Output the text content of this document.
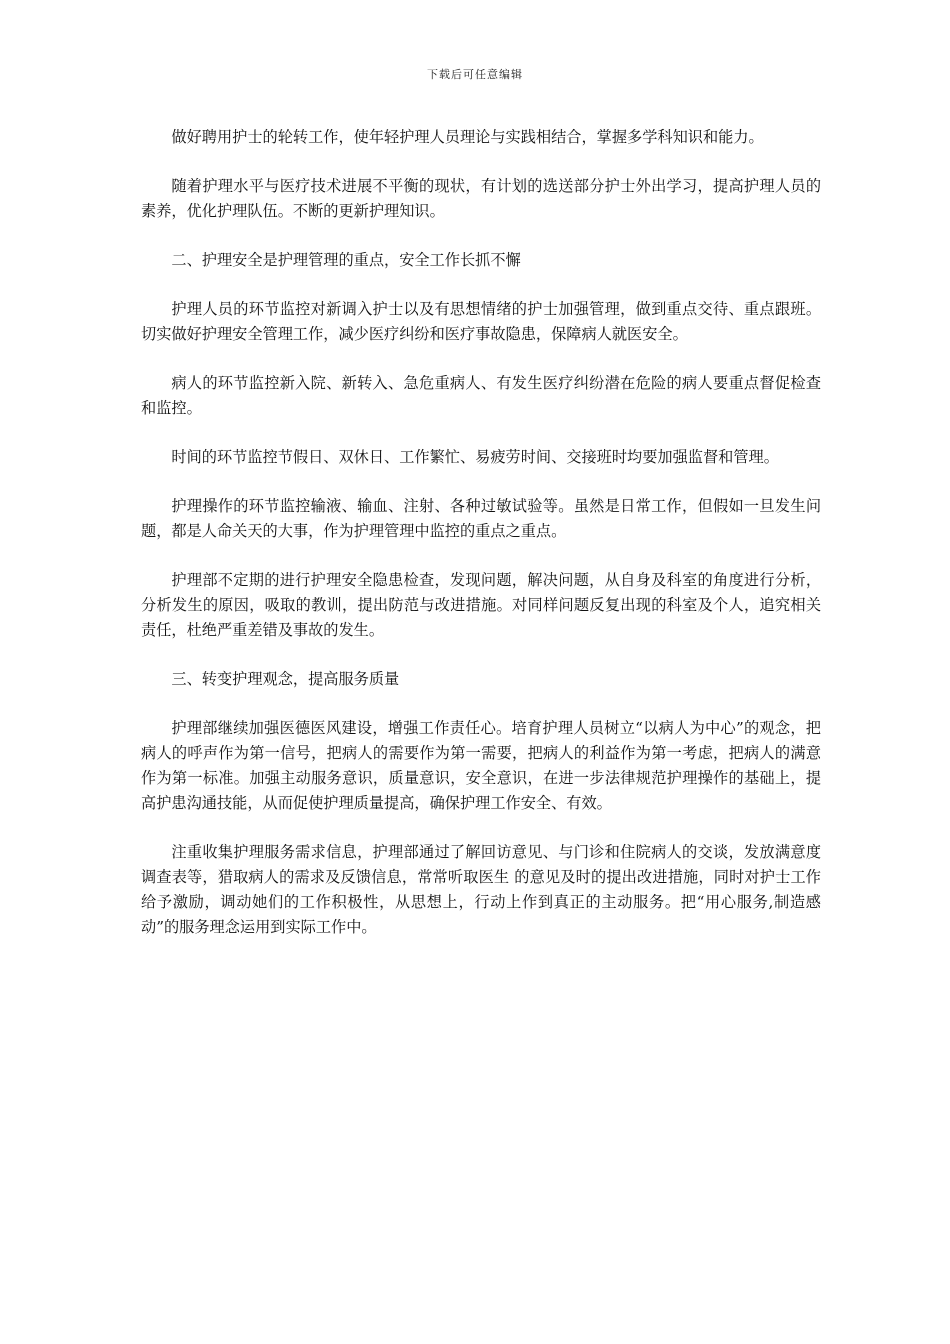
下载后可任意编辑

做好聘用护士的轮转工作，使年轻护理人员理论与实践相结合，掌握多学科知识和能力。

随着护理水平与医疗技术进展不平衡的现状，有计划的选送部分护士外出学习，提高护理人员的素养，优化护理队伍。不断的更新护理知识。

二、护理安全是护理管理的重点，安全工作长抓不懈

护理人员的环节监控对新调入护士以及有思想情绪的护士加强管理，做到重点交待、重点跟班。切实做好护理安全管理工作，减少医疗纠纷和医疗事故隐患，保障病人就医安全。

病人的环节监控新入院、新转入、急危重病人、有发生医疗纠纷潜在危险的病人要重点督促检查和监控。

时间的环节监控节假日、双休日、工作繁忙、易疲劳时间、交接班时均要加强监督和管理。

护理操作的环节监控输液、输血、注射、各种过敏试验等。虽然是日常工作，但假如一旦发生问题，都是人命关天的大事，作为护理管理中监控的重点之重点。

护理部不定期的进行护理安全隐患检查，发现问题，解决问题，从自身及科室的角度进行分析，分析发生的原因，吸取的教训，提出防范与改进措施。对同样问题反复出现的科室及个人，追究相关责任，杜绝严重差错及事故的发生。

三、转变护理观念，提高服务质量

护理部继续加强医德医风建设，增强工作责任心。培育护理人员树立“以病人为中心”的观念，把病人的呼声作为第一信号，把病人的需要作为第一需要，把病人的利益作为第一考虑，把病人的满意作为第一标准。加强主动服务意识，质量意识，安全意识，在进一步法律规范护理操作的基础上，提高护患沟通技能，从而促使护理质量提高，确保护理工作安全、有效。

注重收集护理服务需求信息，护理部通过了解回访意见、与门诊和住院病人的交谈，发放满意度调查表等，猎取病人的需求及反馈信息，常常听取医生 的意见及时的提出改进措施，同时对护士工作给予激励，调动她们的工作积极性，从思想上，行动上作到真正的主动服务。把“用心服务,制造感动”的服务理念运用到实际工作中。
